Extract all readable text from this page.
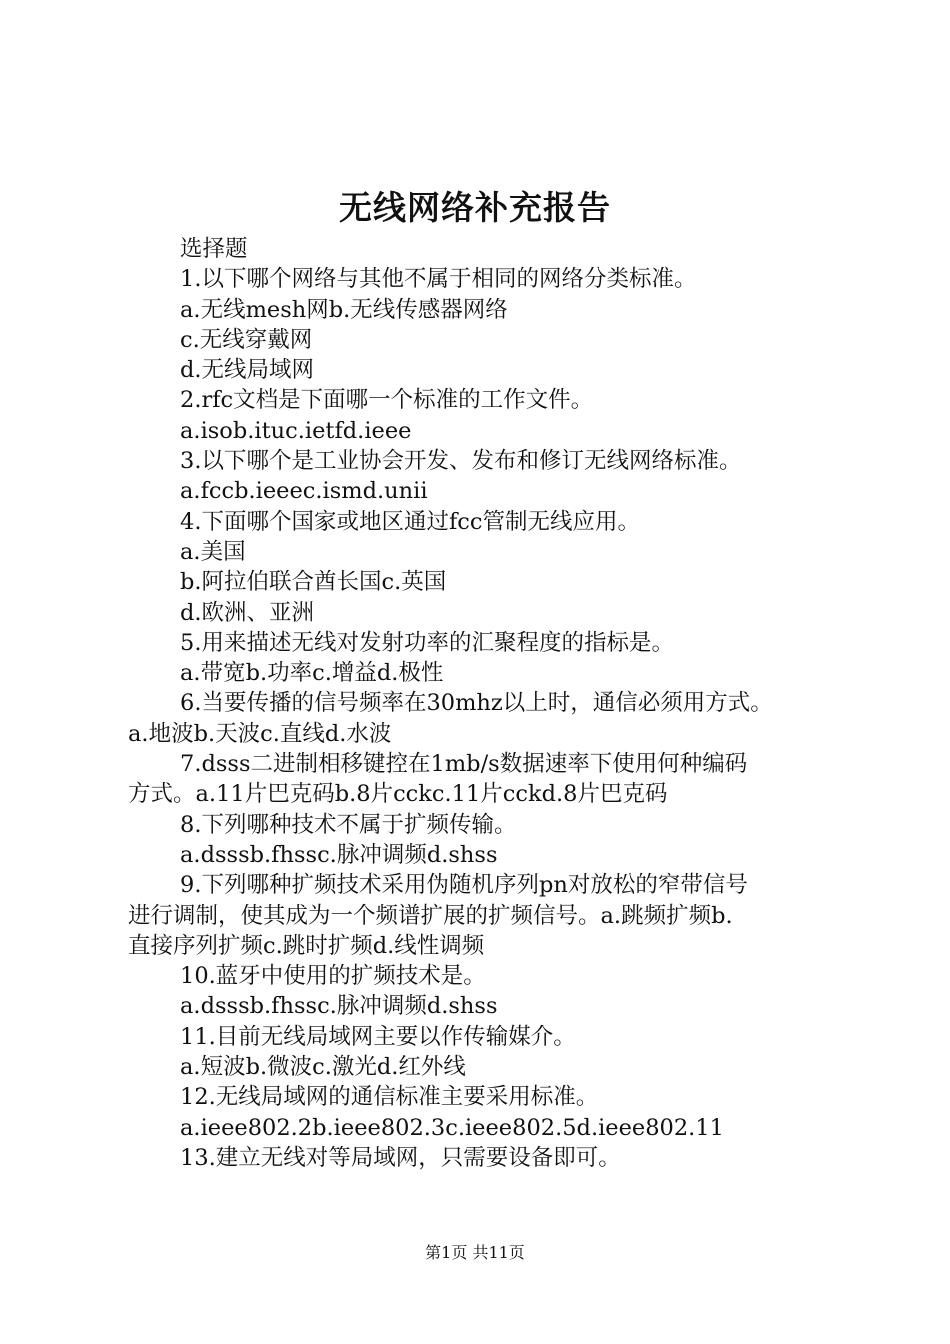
无线网络补充报告
选择题
1.以下哪个网络与其他不属于相同的网络分类标准。
a.无线mesh网b.无线传感器网络
c.无线穿戴网
d.无线局域网
2.rfc文档是下面哪一个标准的工作文件。
a.isob.ituc.ietfd.ieee
3.以下哪个是工业协会开发、发布和修订无线网络标准。
a.fccb.ieeec.ismd.unii
4.下面哪个国家或地区通过fcc管制无线应用。
a.美国
b.阿拉伯联合酋长国c.英国
d.欧洲、亚洲
5.用来描述无线对发射功率的汇聚程度的指标是。
a.带宽b.功率c.增益d.极性
6.当要传播的信号频率在30mhz以上时，通信必须用方式。
a.地波b.天波c.直线d.水波
7.dsss二进制相移键控在1mb/s数据速率下使用何种编码
方式。a.11片巴克码b.8片cckc.11片cckd.8片巴克码
8.下列哪种技术不属于扩频传输。
a.dsssb.fhssc.脉冲调频d.shss
9.下列哪种扩频技术采用伪随机序列pn对放松的窄带信号
进行调制，使其成为一个频谱扩展的扩频信号。a.跳频扩频b.
直接序列扩频c.跳时扩频d.线性调频
10.蓝牙中使用的扩频技术是。
a.dsssb.fhssc.脉冲调频d.shss
11.目前无线局域网主要以作传输媒介。
a.短波b.微波c.激光d.红外线
12.无线局域网的通信标准主要采用标准。
a.ieee802.2b.ieee802.3c.ieee802.5d.ieee802.11
13.建立无线对等局域网，只需要设备即可。
第1页 共11页
